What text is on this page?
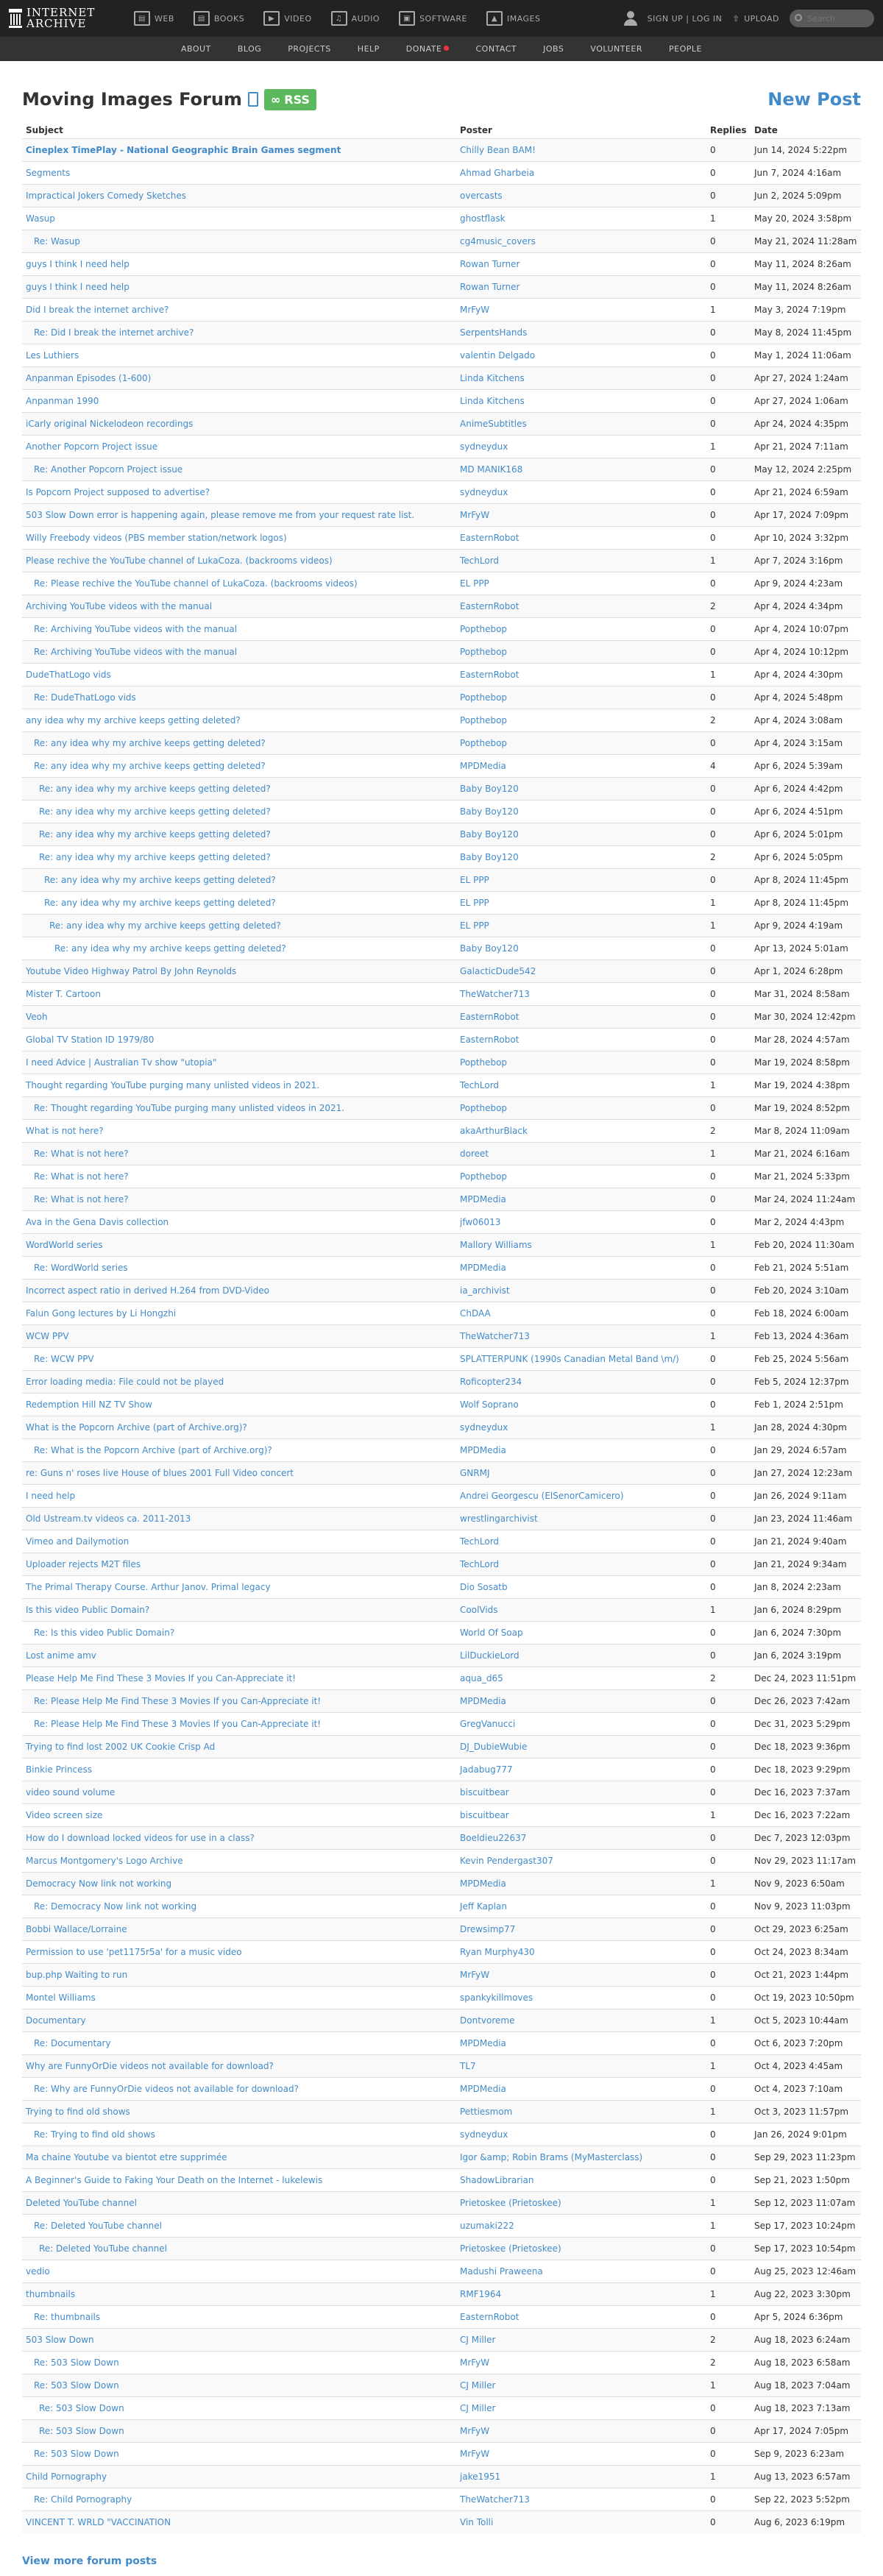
INTERNET
ARCHIVE	▤	WEB	▤	BOOKS	▶	VIDEO	♫	AUDIO	▣	SOFTWARE	▲	IMAGES	SIGN UP | LOG IN ⇧ UPLOAD
Search
ABOUT	BLOG	PROJECTS	HELP	DONATE	CONTACT	JOBS	VOLUNTEER	PEOPLE
Moving Images Forum ∞ RSS	New Post
Subject	Poster	Replies	Date
Cineplex TimePlay - National Geographic Brain Games segment	Chilly Bean BAM!	0	Jun 14, 2024 5:22pm
Segments	Ahmad Gharbeia	0	Jun 7, 2024 4:16am
Impractical Jokers Comedy Sketches	overcasts	0	Jun 2, 2024 5:09pm
Wasup	ghostflask	1	May 20, 2024 3:58pm
Re: Wasup	cg4music_covers	0	May 21, 2024 11:28am
guys I think I need help	Rowan Turner	0	May 11, 2024 8:26am
guys I think I need help	Rowan Turner	0	May 11, 2024 8:26am
Did I break the internet archive?	MrFyW	1	May 3, 2024 7:19pm
Re: Did I break the internet archive?	SerpentsHands	0	May 8, 2024 11:45pm
Les Luthiers	valentin Delgado	0	May 1, 2024 11:06am
Anpanman Episodes (1-600)	Linda Kitchens	0	Apr 27, 2024 1:24am
Anpanman 1990	Linda Kitchens	0	Apr 27, 2024 1:06am
iCarly original Nickelodeon recordings	AnimeSubtitles	0	Apr 24, 2024 4:35pm
Another Popcorn Project issue	sydneydux	1	Apr 21, 2024 7:11am
Re: Another Popcorn Project issue	MD MANIK168	0	May 12, 2024 2:25pm
Is Popcorn Project supposed to advertise?	sydneydux	0	Apr 21, 2024 6:59am
503 Slow Down error is happening again, please remove me from your request rate list.	MrFyW	0	Apr 17, 2024 7:09pm
Willy Freebody videos (PBS member station/network logos)	EasternRobot	0	Apr 10, 2024 3:32pm
Please rechive the YouTube channel of LukaCoza. (backrooms videos)	TechLord	1	Apr 7, 2024 3:16pm
Re: Please rechive the YouTube channel of LukaCoza. (backrooms videos)	EL PPP	0	Apr 9, 2024 4:23am
Archiving YouTube videos with the manual	EasternRobot	2	Apr 4, 2024 4:34pm
Re: Archiving YouTube videos with the manual	Popthebop	0	Apr 4, 2024 10:07pm
Re: Archiving YouTube videos with the manual	Popthebop	0	Apr 4, 2024 10:12pm
DudeThatLogo vids	EasternRobot	1	Apr 4, 2024 4:30pm
Re: DudeThatLogo vids	Popthebop	0	Apr 4, 2024 5:48pm
any idea why my archive keeps getting deleted?	Popthebop	2	Apr 4, 2024 3:08am
Re: any idea why my archive keeps getting deleted?	Popthebop	0	Apr 4, 2024 3:15am
Re: any idea why my archive keeps getting deleted?	MPDMedia	4	Apr 6, 2024 5:39am
Re: any idea why my archive keeps getting deleted?	Baby Boy120	0	Apr 6, 2024 4:42pm
Re: any idea why my archive keeps getting deleted?	Baby Boy120	0	Apr 6, 2024 4:51pm
Re: any idea why my archive keeps getting deleted?	Baby Boy120	0	Apr 6, 2024 5:01pm
Re: any idea why my archive keeps getting deleted?	Baby Boy120	2	Apr 6, 2024 5:05pm
Re: any idea why my archive keeps getting deleted?	EL PPP	0	Apr 8, 2024 11:45pm
Re: any idea why my archive keeps getting deleted?	EL PPP	1	Apr 8, 2024 11:45pm
Re: any idea why my archive keeps getting deleted?	EL PPP	1	Apr 9, 2024 4:19am
Re: any idea why my archive keeps getting deleted?	Baby Boy120	0	Apr 13, 2024 5:01am
Youtube Video Highway Patrol By John Reynolds	GalacticDude542	0	Apr 1, 2024 6:28pm
Mister T. Cartoon	TheWatcher713	0	Mar 31, 2024 8:58am
Veoh	EasternRobot	0	Mar 30, 2024 12:42pm
Global TV Station ID 1979/80	EasternRobot	0	Mar 28, 2024 4:57am
I need Advice | Australian Tv show "utopia"	Popthebop	0	Mar 19, 2024 8:58pm
Thought regarding YouTube purging many unlisted videos in 2021.	TechLord	1	Mar 19, 2024 4:38pm
Re: Thought regarding YouTube purging many unlisted videos in 2021.	Popthebop	0	Mar 19, 2024 8:52pm
What is not here?	akaArthurBlack	2	Mar 8, 2024 11:09am
Re: What is not here?	doreet	1	Mar 21, 2024 6:16am
Re: What is not here?	Popthebop	0	Mar 21, 2024 5:33pm
Re: What is not here?	MPDMedia	0	Mar 24, 2024 11:24am
Ava in the Gena Davis collection	jfw06013	0	Mar 2, 2024 4:43pm
WordWorld series	Mallory Williams	1	Feb 20, 2024 11:30am
Re: WordWorld series	MPDMedia	0	Feb 21, 2024 5:51am
Incorrect aspect ratio in derived H.264 from DVD-Video	ia_archivist	0	Feb 20, 2024 3:10am
Falun Gong lectures by Li Hongzhi	ChDAA	0	Feb 18, 2024 6:00am
WCW PPV	TheWatcher713	1	Feb 13, 2024 4:36am
Re: WCW PPV	SPLATTERPUNK (1990s Canadian Metal Band \m/)	0	Feb 25, 2024 5:56am
Error loading media: File could not be played	Roficopter234	0	Feb 5, 2024 12:37pm
Redemption Hill NZ TV Show	Wolf Soprano	0	Feb 1, 2024 2:51pm
What is the Popcorn Archive (part of Archive.org)?	sydneydux	1	Jan 28, 2024 4:30pm
Re: What is the Popcorn Archive (part of Archive.org)?	MPDMedia	0	Jan 29, 2024 6:57am
re: Guns n' roses live House of blues 2001 Full Video concert	GNRMJ	0	Jan 27, 2024 12:23am
I need help	Andrei Georgescu (ElSenorCamicero)	0	Jan 26, 2024 9:11am
Old Ustream.tv videos ca. 2011-2013	wrestlingarchivist	0	Jan 23, 2024 11:46am
Vimeo and Dailymotion	TechLord	0	Jan 21, 2024 9:40am
Uploader rejects M2T files	TechLord	0	Jan 21, 2024 9:34am
The Primal Therapy Course. Arthur Janov. Primal legacy	Dio Sosatb	0	Jan 8, 2024 2:23am
Is this video Public Domain?	CoolVids	1	Jan 6, 2024 8:29pm
Re: Is this video Public Domain?	World Of Soap	0	Jan 6, 2024 7:30pm
Lost anime amv	LilDuckieLord	0	Jan 6, 2024 3:19pm
Please Help Me Find These 3 Movies If you Can-Appreciate it!	aqua_d65	2	Dec 24, 2023 11:51pm
Re: Please Help Me Find These 3 Movies If you Can-Appreciate it!	MPDMedia	0	Dec 26, 2023 7:42am
Re: Please Help Me Find These 3 Movies If you Can-Appreciate it!	GregVanucci	0	Dec 31, 2023 5:29pm
Trying to find lost 2002 UK Cookie Crisp Ad	DJ_DubieWubie	0	Dec 18, 2023 9:36pm
Binkie Princess	Jadabug777	0	Dec 18, 2023 9:29pm
video sound volume	biscuitbear	0	Dec 16, 2023 7:37am
Video screen size	biscuitbear	1	Dec 16, 2023 7:22am
How do I download locked videos for use in a class?	Boeldieu22637	0	Dec 7, 2023 12:03pm
Marcus Montgomery's Logo Archive	Kevin Pendergast307	0	Nov 29, 2023 11:17am
Democracy Now link not working	MPDMedia	1	Nov 9, 2023 6:50am
Re: Democracy Now link not working	Jeff Kaplan	0	Nov 9, 2023 11:03pm
Bobbi Wallace/Lorraine	Drewsimp77	0	Oct 29, 2023 6:25am
Permission to use 'pet1175r5a' for a music video	Ryan Murphy430	0	Oct 24, 2023 8:34am
bup.php Waiting to run	MrFyW	0	Oct 21, 2023 1:44pm
Montel Williams	spankykillmoves	0	Oct 19, 2023 10:50pm
Documentary	Dontvoreme	1	Oct 5, 2023 10:44am
Re: Documentary	MPDMedia	0	Oct 6, 2023 7:20pm
Why are FunnyOrDie videos not available for download?	TL7	1	Oct 4, 2023 4:45am
Re: Why are FunnyOrDie videos not available for download?	MPDMedia	0	Oct 4, 2023 7:10am
Trying to find old shows	Pettiesmom	1	Oct 3, 2023 11:57pm
Re: Trying to find old shows	sydneydux	0	Jan 26, 2024 9:01pm
Ma chaine Youtube va bientot etre supprimée	Igor &amp; Robin Brams (MyMasterclass)	0	Sep 29, 2023 11:23pm
A Beginner's Guide to Faking Your Death on the Internet - lukelewis	ShadowLibrarian	0	Sep 21, 2023 1:50pm
Deleted YouTube channel	Prietoskee (Prietoskee)	1	Sep 12, 2023 11:07am
Re: Deleted YouTube channel	uzumaki222	1	Sep 17, 2023 10:24pm
Re: Deleted YouTube channel	Prietoskee (Prietoskee)	0	Sep 17, 2023 10:54pm
vedio	Madushi Praweena	0	Aug 25, 2023 12:46am
thumbnails	RMF1964	1	Aug 22, 2023 3:30pm
Re: thumbnails	EasternRobot	0	Apr 5, 2024 6:36pm
503 Slow Down	CJ Miller	2	Aug 18, 2023 6:24am
Re: 503 Slow Down	MrFyW	2	Aug 18, 2023 6:58am
Re: 503 Slow Down	CJ Miller	1	Aug 18, 2023 7:04am
Re: 503 Slow Down	CJ Miller	0	Aug 18, 2023 7:13am
Re: 503 Slow Down	MrFyW	0	Apr 17, 2024 7:05pm
Re: 503 Slow Down	MrFyW	0	Sep 9, 2023 6:23am
Child Pornography	jake1951	1	Aug 13, 2023 6:57am
Re: Child Pornography	TheWatcher713	0	Sep 22, 2023 5:52pm
VINCENT T. WRLD "VACCINATION	Vin Tolli	0	Aug 6, 2023 6:19pm
View more forum posts
